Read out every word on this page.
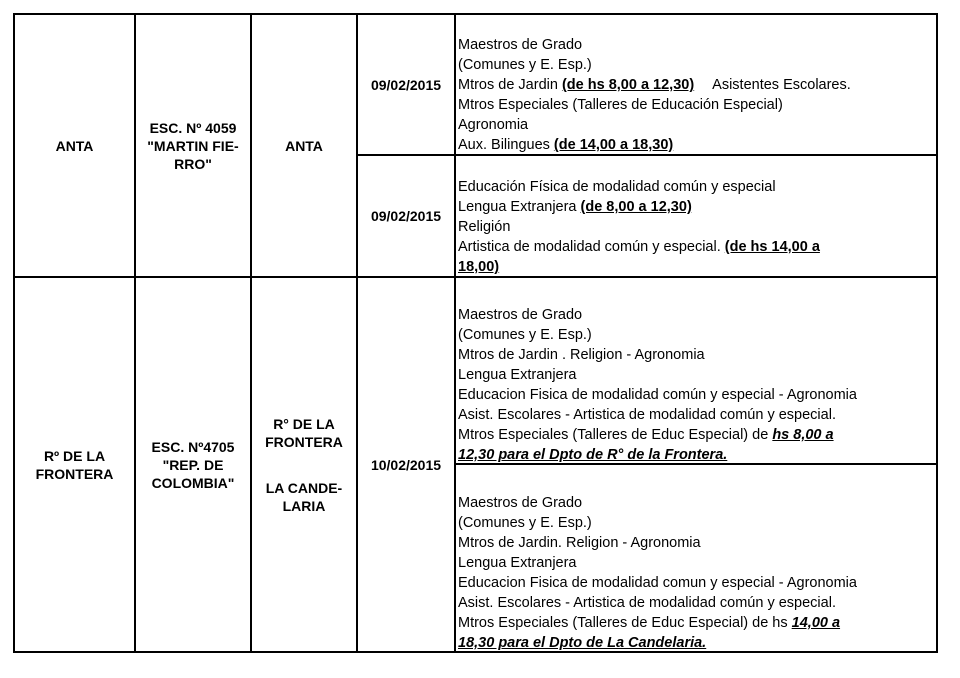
ANTA
ESC. Nº 4059
"MARTIN FIE-
RRO"
ANTA
09/02/2015
09/02/2015
Maestros de Grado
(Comunes y E. Esp.)
Mtros de Jardin (de hs 8,00 a 12,30) Asistentes Escolares.
Mtros Especiales (Talleres de Educación Especial)
Agronomia
Aux. Bilingues (de 14,00 a 18,30)
Educación Física de modalidad común y especial
Lengua Extranjera (de 8,00 a 12,30)
Religión
Artistica de modalidad común y especial. (de hs 14,00 a
18,00)
Rº DE LA
FRONTERA
ESC. Nº4705
"REP. DE
COLOMBIA"
R° DE LA
FRONTERA
LA CANDE-
LARIA
10/02/2015
Maestros de Grado
(Comunes y E. Esp.)
Mtros de Jardin . Religion - Agronomia
Lengua Extranjera
Educacion Fisica de modalidad común y especial - Agronomia
Asist. Escolares - Artistica de modalidad común y especial.
Mtros Especiales (Talleres de Educ Especial) de hs 8,00 a
12,30 para el Dpto de R° de la Frontera.
Maestros de Grado
(Comunes y E. Esp.)
Mtros de Jardin. Religion - Agronomia
Lengua Extranjera
Educacion Fisica de modalidad comun y especial - Agronomia
Asist. Escolares - Artistica de modalidad común y especial.
Mtros Especiales (Talleres de Educ Especial) de hs 14,00 a
18,30 para el Dpto de La Candelaria.
